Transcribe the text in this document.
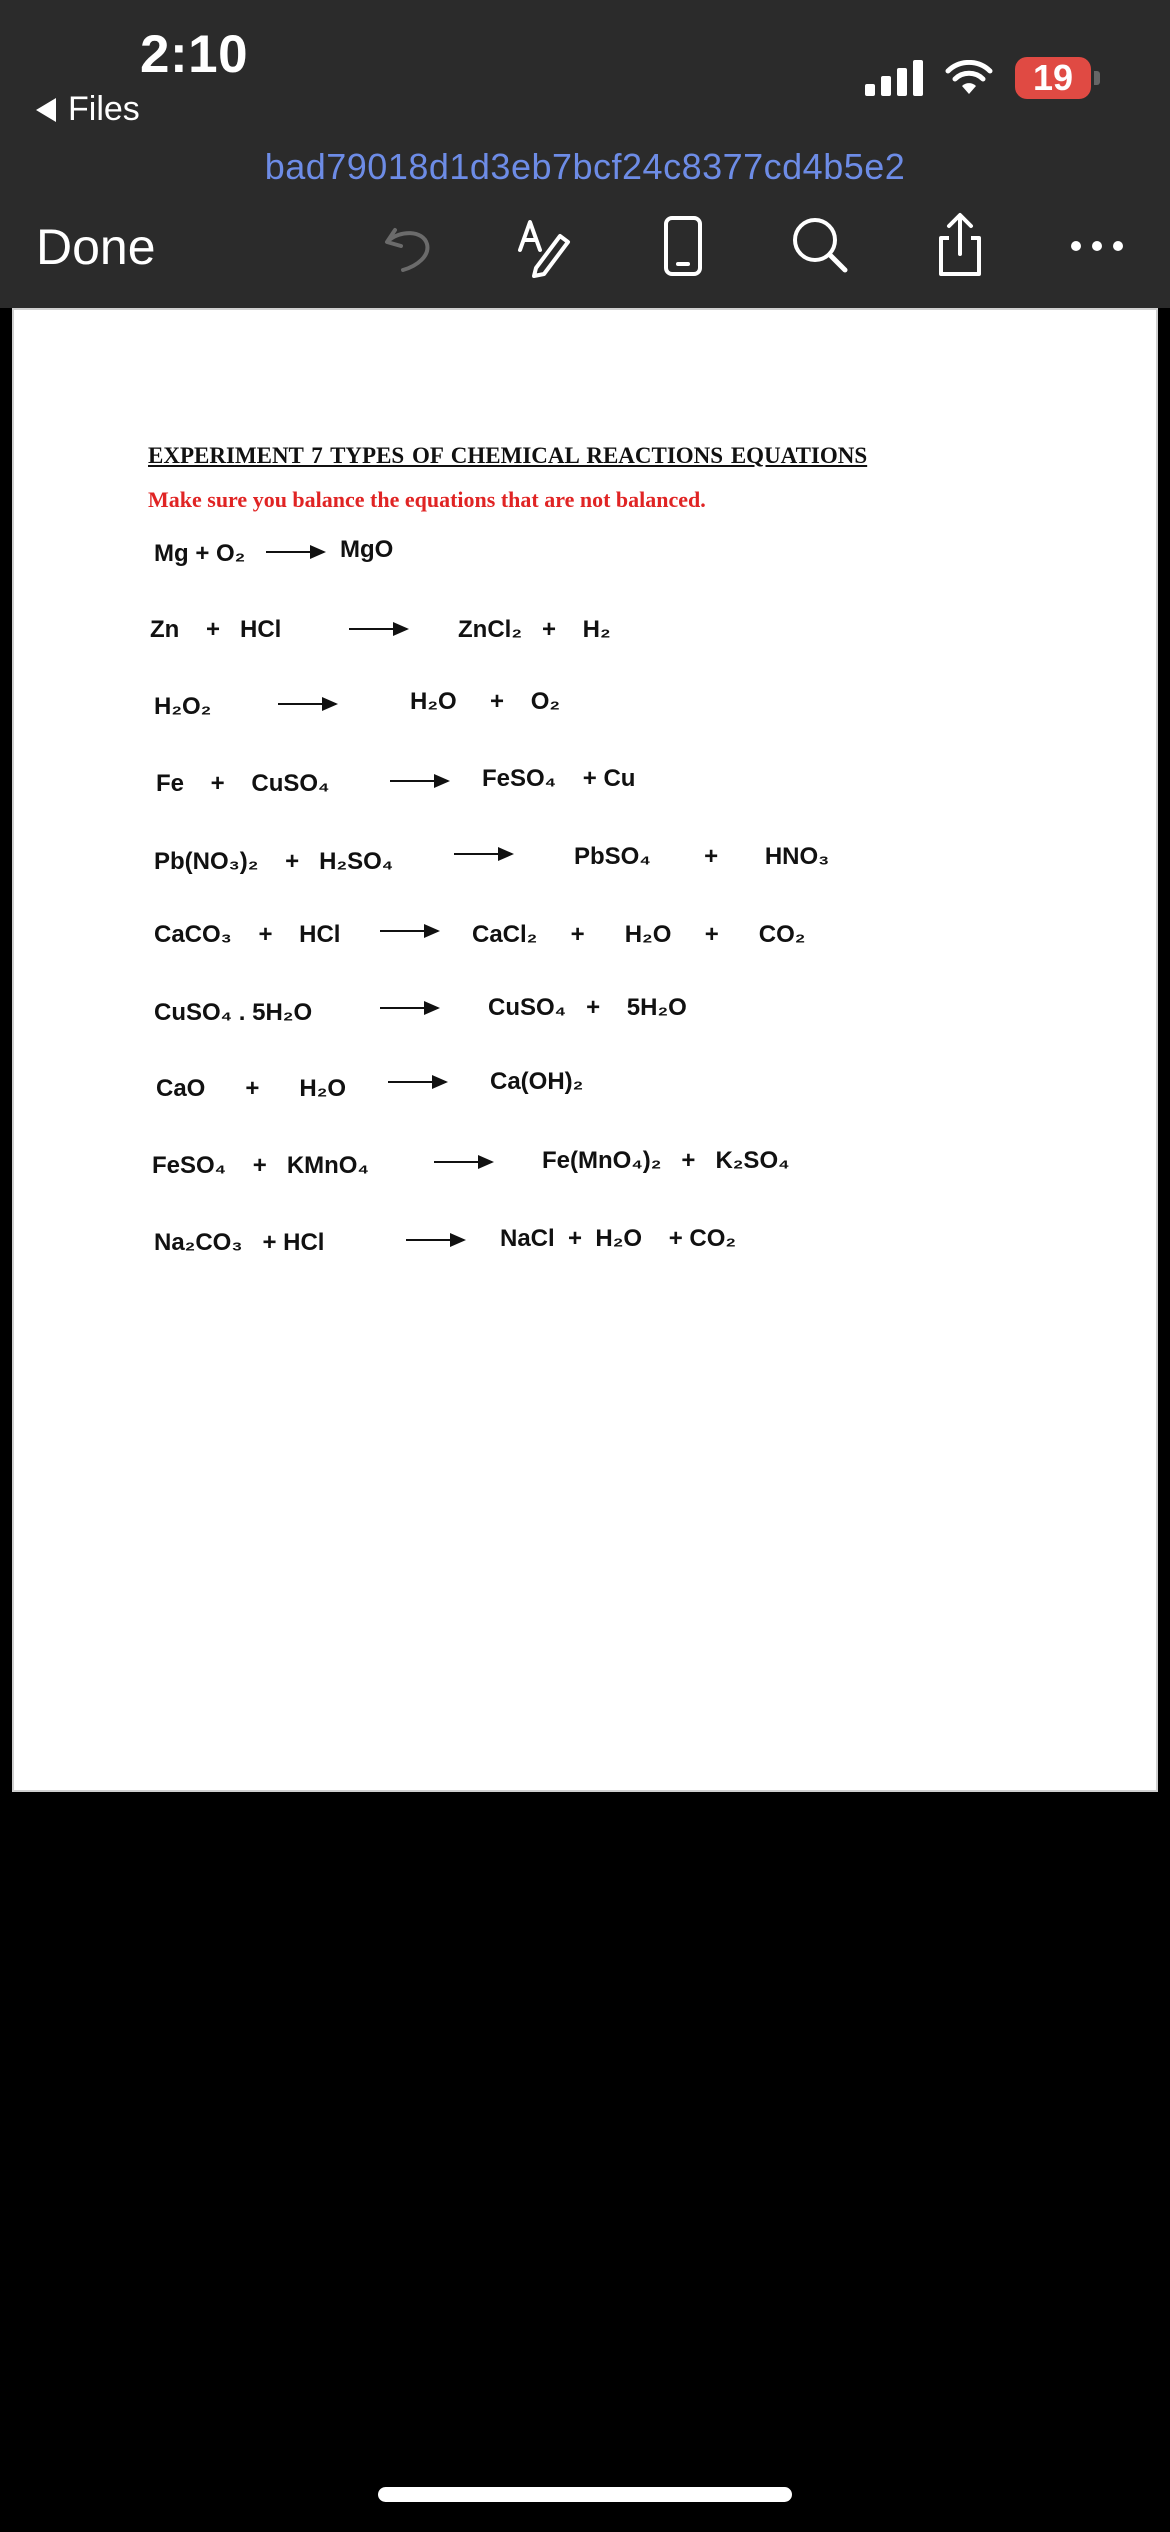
2:10
Files
19
bad79018d1d3eb7bcf24c8377cd4b5e2
Done
EXPERIMENT 7 TYPES OF CHEMICAL REACTIONS EQUATIONS
Make sure you balance the equations that are not balanced.
Mg + O₂ → MgO
Zn    +   HCl	ZnCl₂   +    H₂
H₂O₂	H₂O     +    O₂
Fe    +    CuSO₄	FeSO₄    + Cu
Pb(NO₃)₂    +   H₂SO₄	PbSO₄        +       HNO₃
CaCO₃    +    HCl	CaCl₂     +      H₂O     +      CO₂
CuSO₄ . 5H₂O	CuSO₄   +    5H₂O
CaO      +      H₂O	Ca(OH)₂
FeSO₄    +   KMnO₄	Fe(MnO₄)₂   +   K₂SO₄
Na₂CO₃   + HCl	NaCl  +  H₂O    + CO₂
